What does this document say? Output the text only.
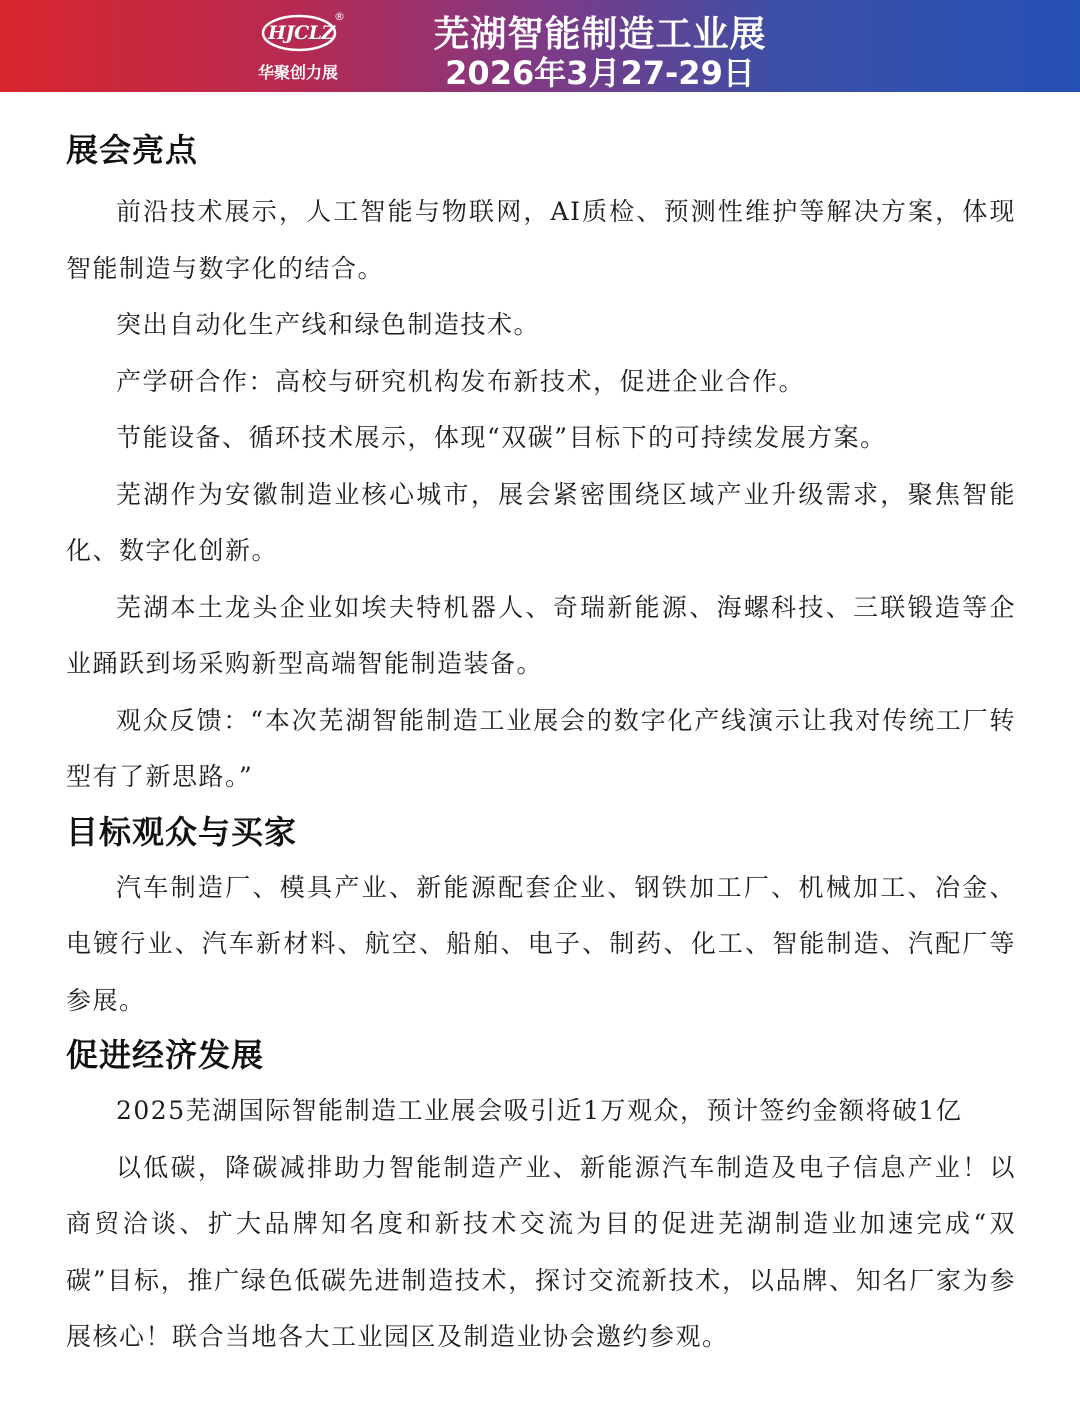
HJCLZ
®
华聚创力展
芜湖智能制造工业展
2026年3月27-29日
展会亮点

前沿技术展示，人工智能与物联网，AI质检、预测性维护等解决方案，体现智能制造与数字化的结合。

突出自动化生产线和绿色制造技术。

产学研合作：高校与研究机构发布新技术，促进企业合作。

节能设备、循环技术展示，体现“双碳”目标下的可持续发展方案。

芜湖作为安徽制造业核心城市，展会紧密围绕区域产业升级需求，聚焦智能化、数字化创新。

芜湖本土龙头企业如埃夫特机器人、奇瑞新能源、海螺科技、三联锻造等企业踊跃到场采购新型高端智能制造装备。

观众反馈：“本次芜湖智能制造工业展会的数字化产线演示让我对传统工厂转型有了新思路。”

目标观众与买家

汽车制造厂、模具产业、新能源配套企业、钢铁加工厂、机械加工、冶金、电镀行业、汽车新材料、航空、船舶、电子、制药、化工、智能制造、汽配厂等参展。

促进经济发展

2025芜湖国际智能制造工业展会吸引近1万观众，预计签约金额将破1亿

以低碳，降碳减排助力智能制造产业、新能源汽车制造及电子信息产业！以商贸洽谈、扩大品牌知名度和新技术交流为目的促进芜湖制造业加速完成“双碳”目标，推广绿色低碳先进制造技术，探讨交流新技术，以品牌、知名厂家为参展核心！联合当地各大工业园区及制造业协会邀约参观。
